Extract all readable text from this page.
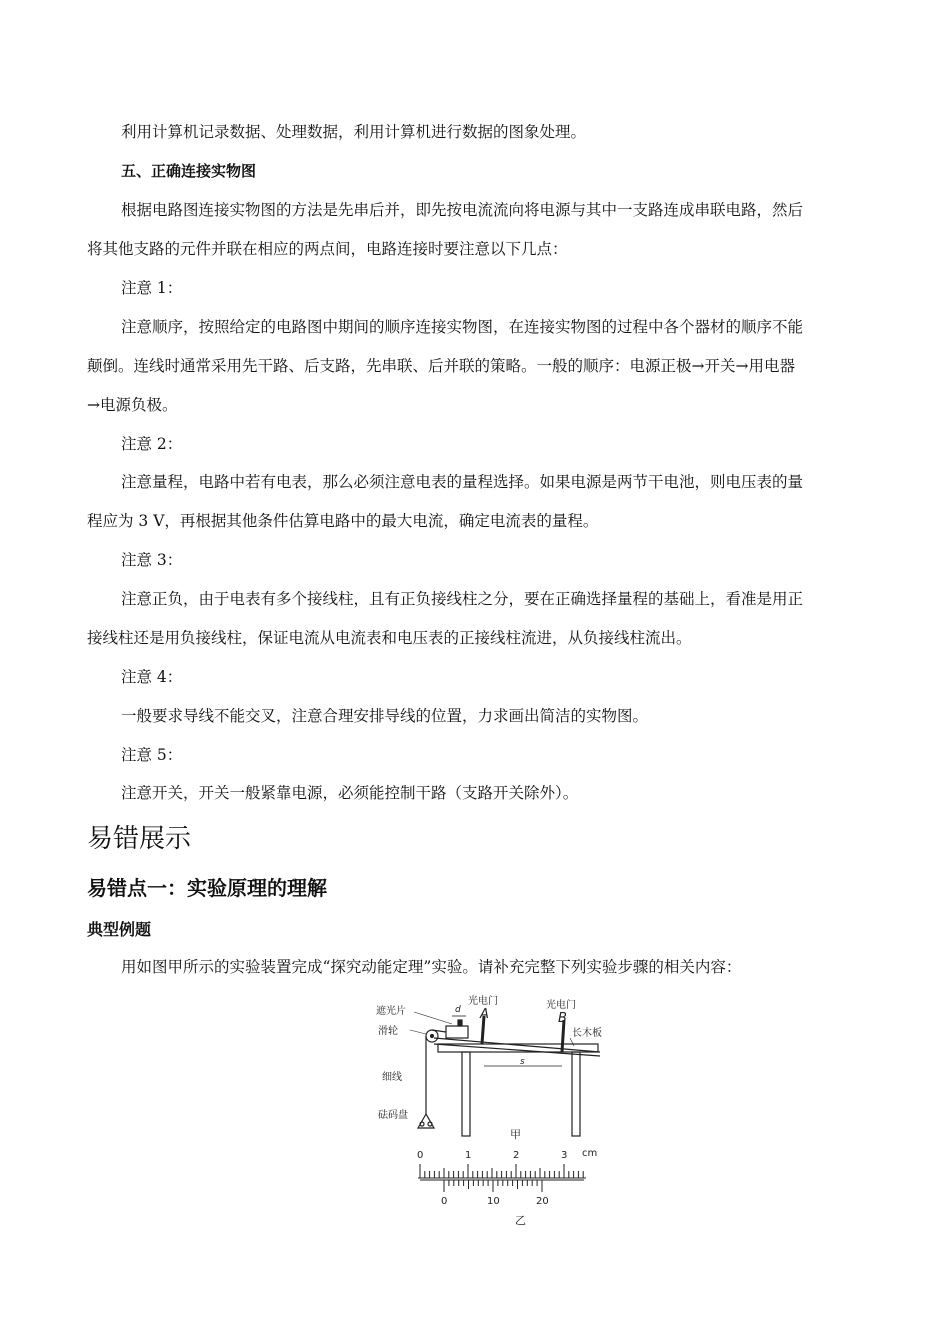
利用计算机记录数据、处理数据，利用计算机进行数据的图象处理。
五、正确连接实物图
根据电路图连接实物图的方法是先串后并，即先按电流流向将电源与其中一支路连成串联电路，然后
将其他支路的元件并联在相应的两点间，电路连接时要注意以下几点：
注意 1：
注意顺序，按照给定的电路图中期间的顺序连接实物图，在连接实物图的过程中各个器材的顺序不能
颠倒。连线时通常采用先干路、后支路，先串联、后并联的策略。一般的顺序：电源正极→开关→用电器
→电源负极。
注意 2：
注意量程，电路中若有电表，那么必须注意电表的量程选择。如果电源是两节干电池，则电压表的量
程应为 3 V，再根据其他条件估算电路中的最大电流，确定电流表的量程。
注意 3：
注意正负，由于电表有多个接线柱，且有正负接线柱之分，要在正确选择量程的基础上，看准是用正
接线柱还是用负接线柱，保证电流从电流表和电压表的正接线柱流进，从负接线柱流出。
注意 4：
一般要求导线不能交叉，注意合理安排导线的位置，力求画出简洁的实物图。
注意 5：
注意开关，开关一般紧靠电源，必须能控制干路（支路开关除外）。
易错展示
易错点一：实验原理的理解
典型例题
用如图甲所示的实验装置完成“探究动能定理”实验。请补充完整下列实验步骤的相关内容：
遮光片	d
光电门
A
光电门
B
滑轮	长木板
细线
砝码盘
s
甲
0	1	2	3
0	10	20
cm
乙
